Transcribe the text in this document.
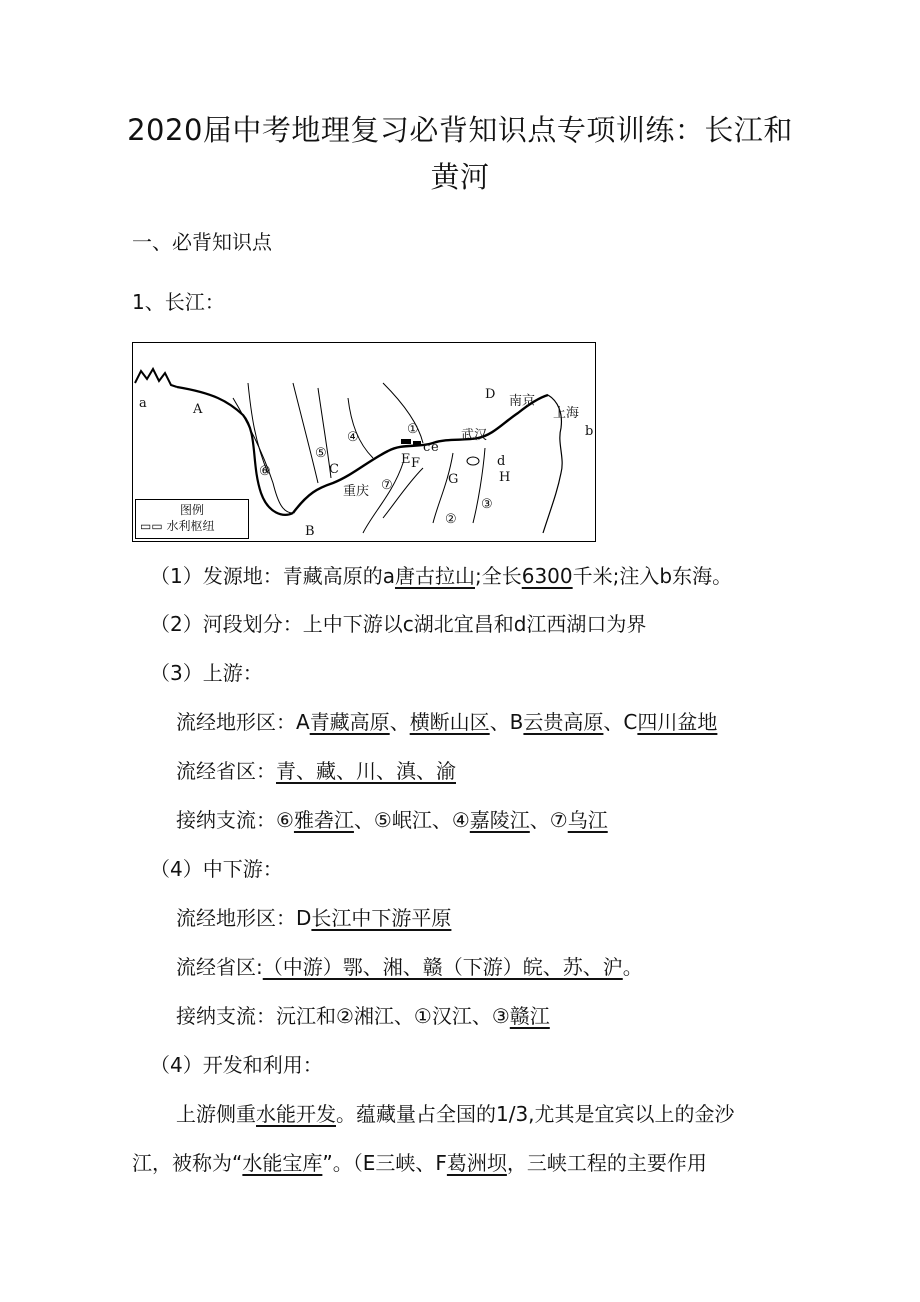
2020届中考地理复习必背知识点专项训练：长江和
黄河
一、必背知识点
1、长江：
a	A
B
C
D
G	H
b
c
d
e
E F
①
②
③
④
⑤
⑥
⑦
南京
上海
武汉
重庆
图例
▭▭ 水利枢纽
（1）发源地：青藏高原的a唐古拉山;全长6300千米;注入b东海。
（2）河段划分：上中下游以c湖北宜昌和d江西湖口为界
（3）上游：
流经地形区：A青藏高原、横断山区、B云贵高原、C四川盆地
流经省区：青、藏、川、滇、渝
接纳支流：⑥雅砻江、⑤岷江、④嘉陵江、⑦乌江
（4）中下游：
流经地形区：D长江中下游平原
流经省区:（中游）鄂、湘、赣（下游）皖、苏、沪。
接纳支流：沅江和②湘江、①汉江、③赣江
（4）开发和利用：
上游侧重水能开发。蕴藏量占全国的1/3,尤其是宜宾以上的金沙
江，被称为“水能宝库”。（E三峡、F葛洲坝，三峡工程的主要作用
